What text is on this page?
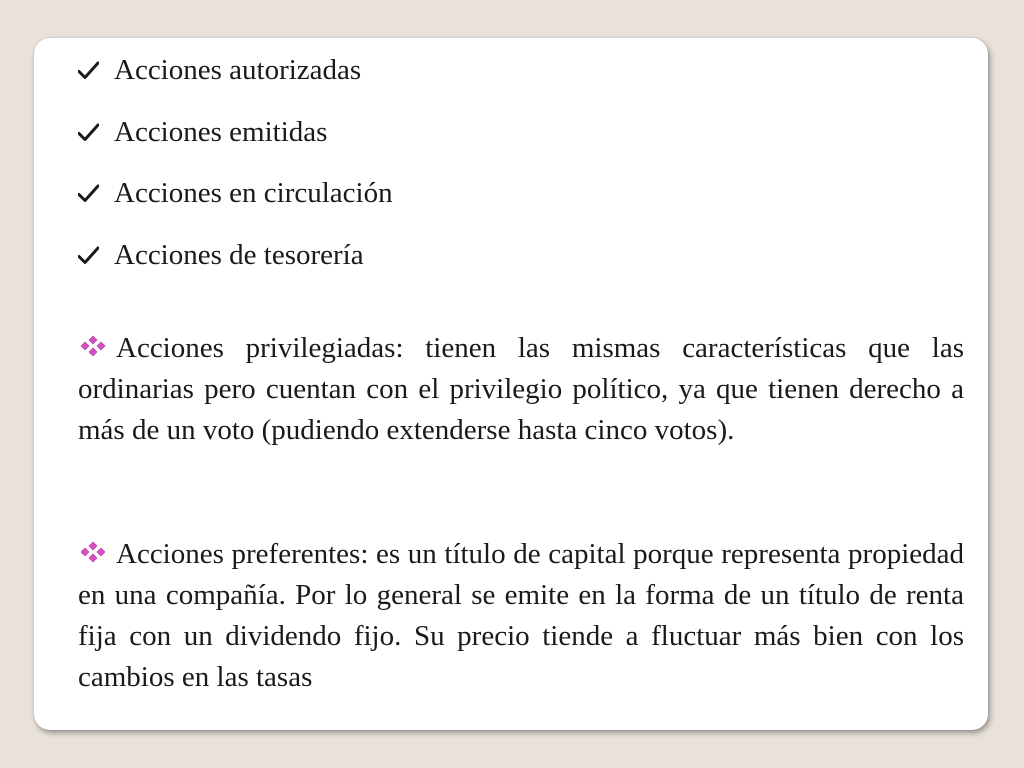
Acciones autorizadas
Acciones emitidas
Acciones en circulación
Acciones de tesorería

Acciones privilegiadas: tienen las mismas características que las ordinarias pero cuentan con el privilegio político, ya que tienen derecho a más de un voto (pudiendo extenderse hasta cinco votos).

Acciones preferentes: es un título de capital porque representa propiedad en una compañía. Por lo general se emite en la forma de un título de renta fija con un dividendo fijo. Su precio tiende a fluctuar más bien con los cambios en las tasas
